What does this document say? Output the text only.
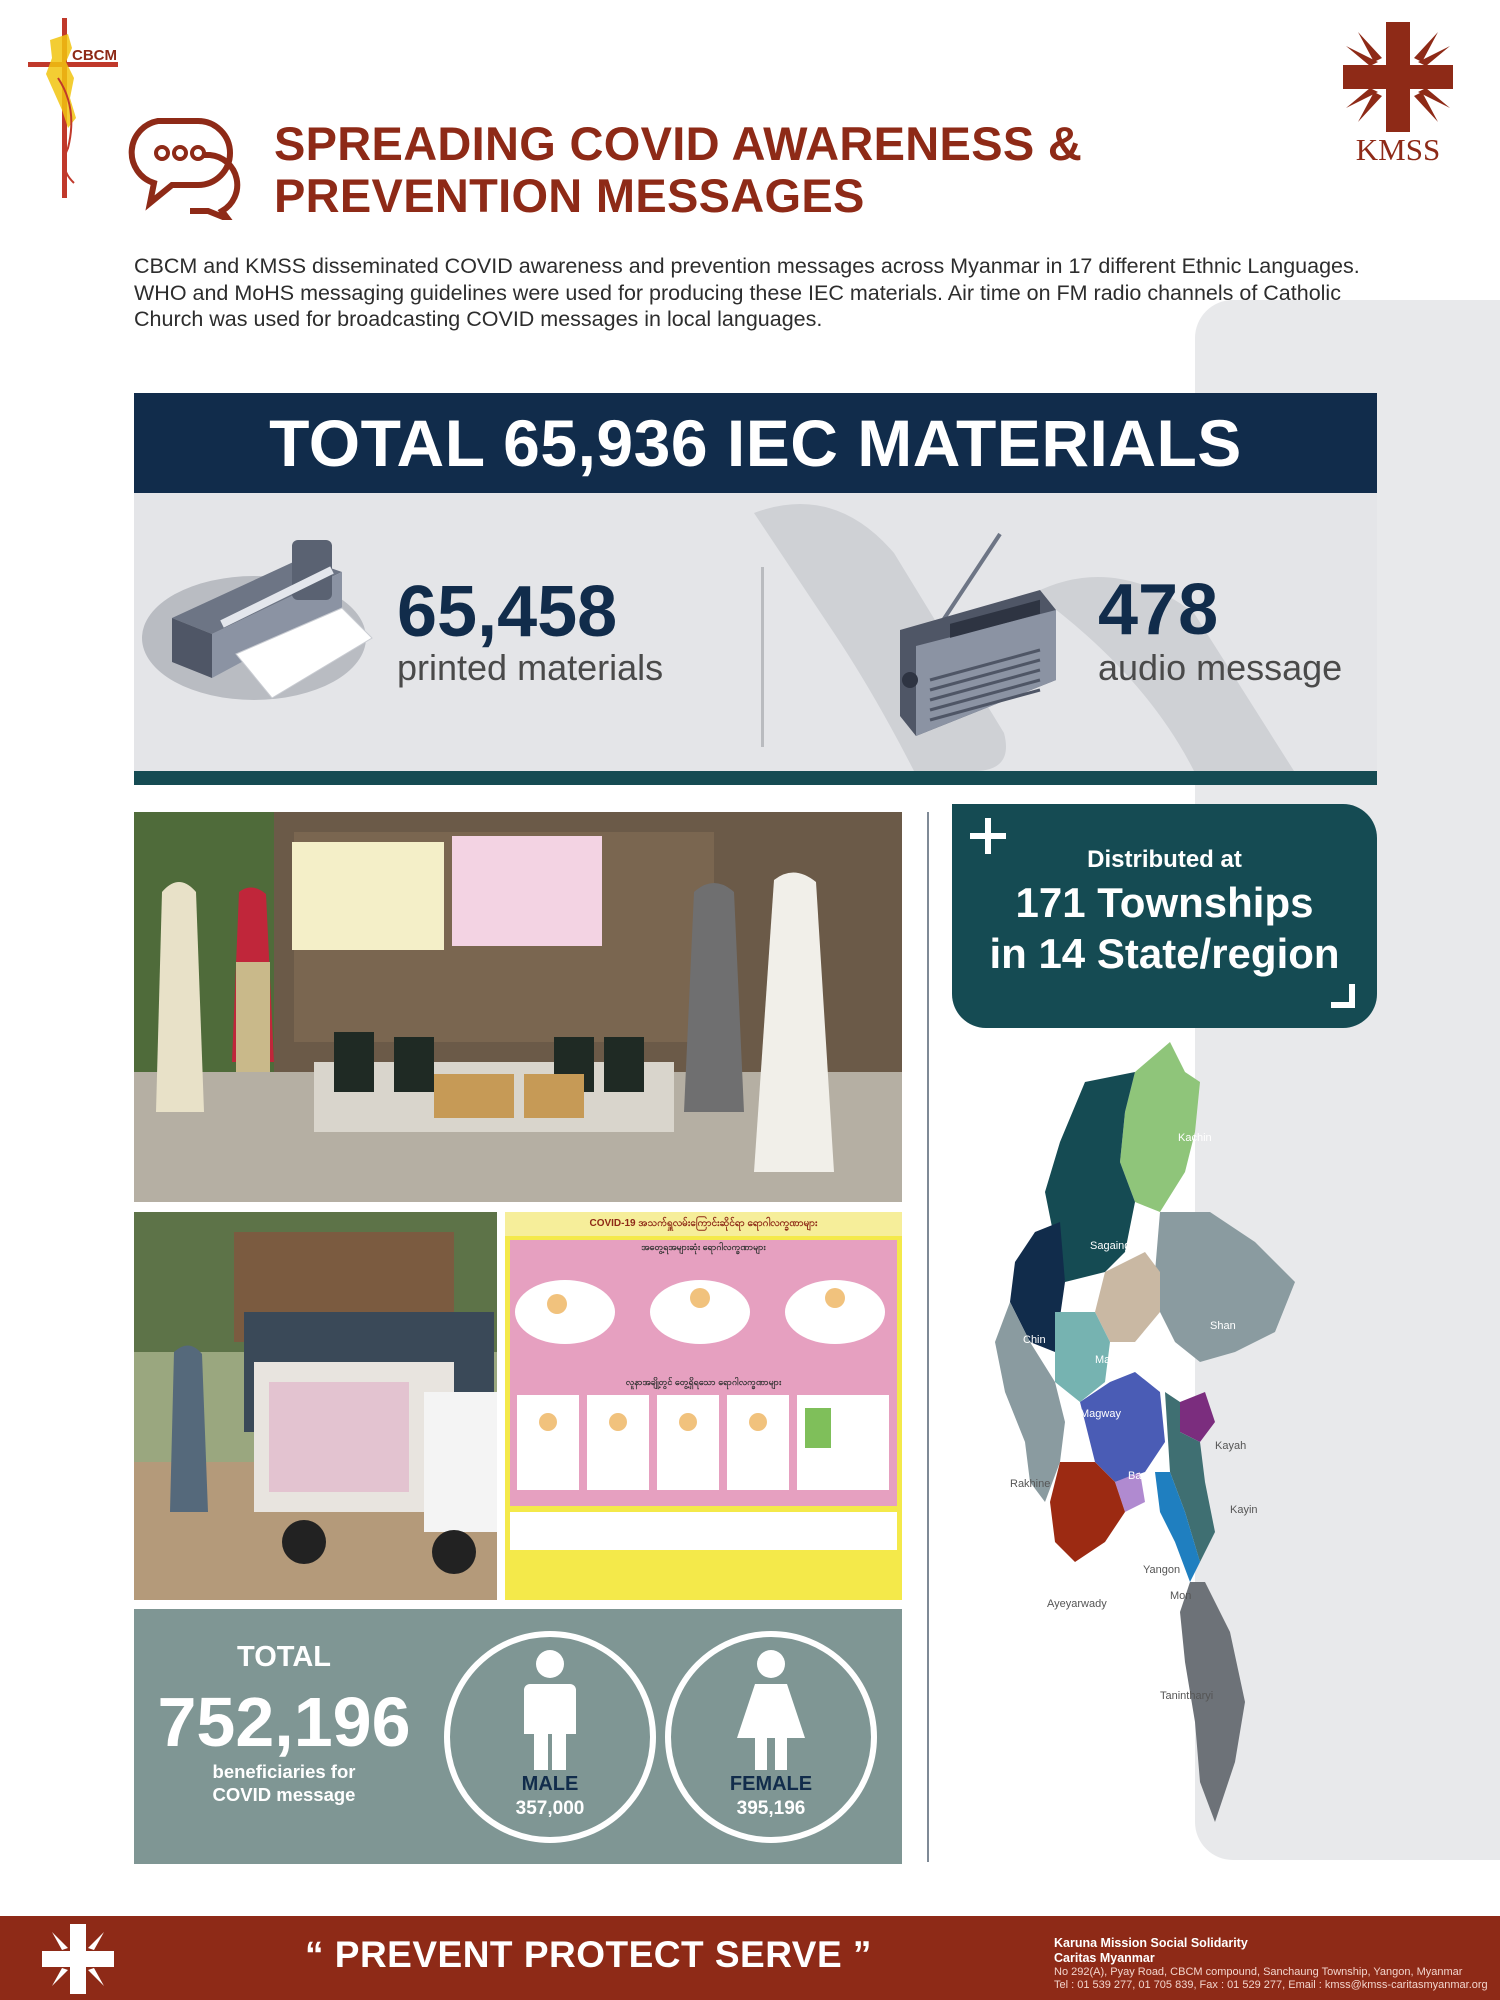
CBCM
SPREADING COVID AWARENESS &
PREVENTION MESSAGES
KMSS
CBCM and KMSS disseminated COVID awareness and prevention messages across Myanmar in 17 different Ethnic Languages. WHO and MoHS messaging guidelines were used for producing these IEC materials. Air time on FM radio channels of Catholic Church was used for broadcasting COVID messages in local languages.
TOTAL 65,936 IEC MATERIALS
65,458
printed materials
478
audio message
COVID-19 အသက်ရှူလမ်းကြောင်းဆိုင်ရာ ရောဂါလက္ခဏာများ
အတွေ့ရအများဆုံး ရောဂါလက္ခဏာများ
လူနာအချို့တွင် တွေ့ရှိရသော ရောဂါလက္ခဏာများ
TOTAL
752,196
beneficiaries for
COVID message	MALE
357,000
FEMALE
395,196
Distributed at
171 Townships
in 14 State/region
Kachin
Sagaing
Chin
Shan
Mandalay
Magway
Kayah
Rakhine
Bago
Kayin
Yangon
Ayeyarwady
Mon
Tanintharyi
“ PREVENT PROTECT SERVE ”	Karuna Mission Social Solidarity
Caritas Myanmar
No 292(A), Pyay Road, CBCM compound, Sanchaung Township, Yangon, Myanmar
Tel : 01 539 277, 01 705 839, Fax : 01 529 277, Email : kmss@kmss-caritasmyanmar.org
